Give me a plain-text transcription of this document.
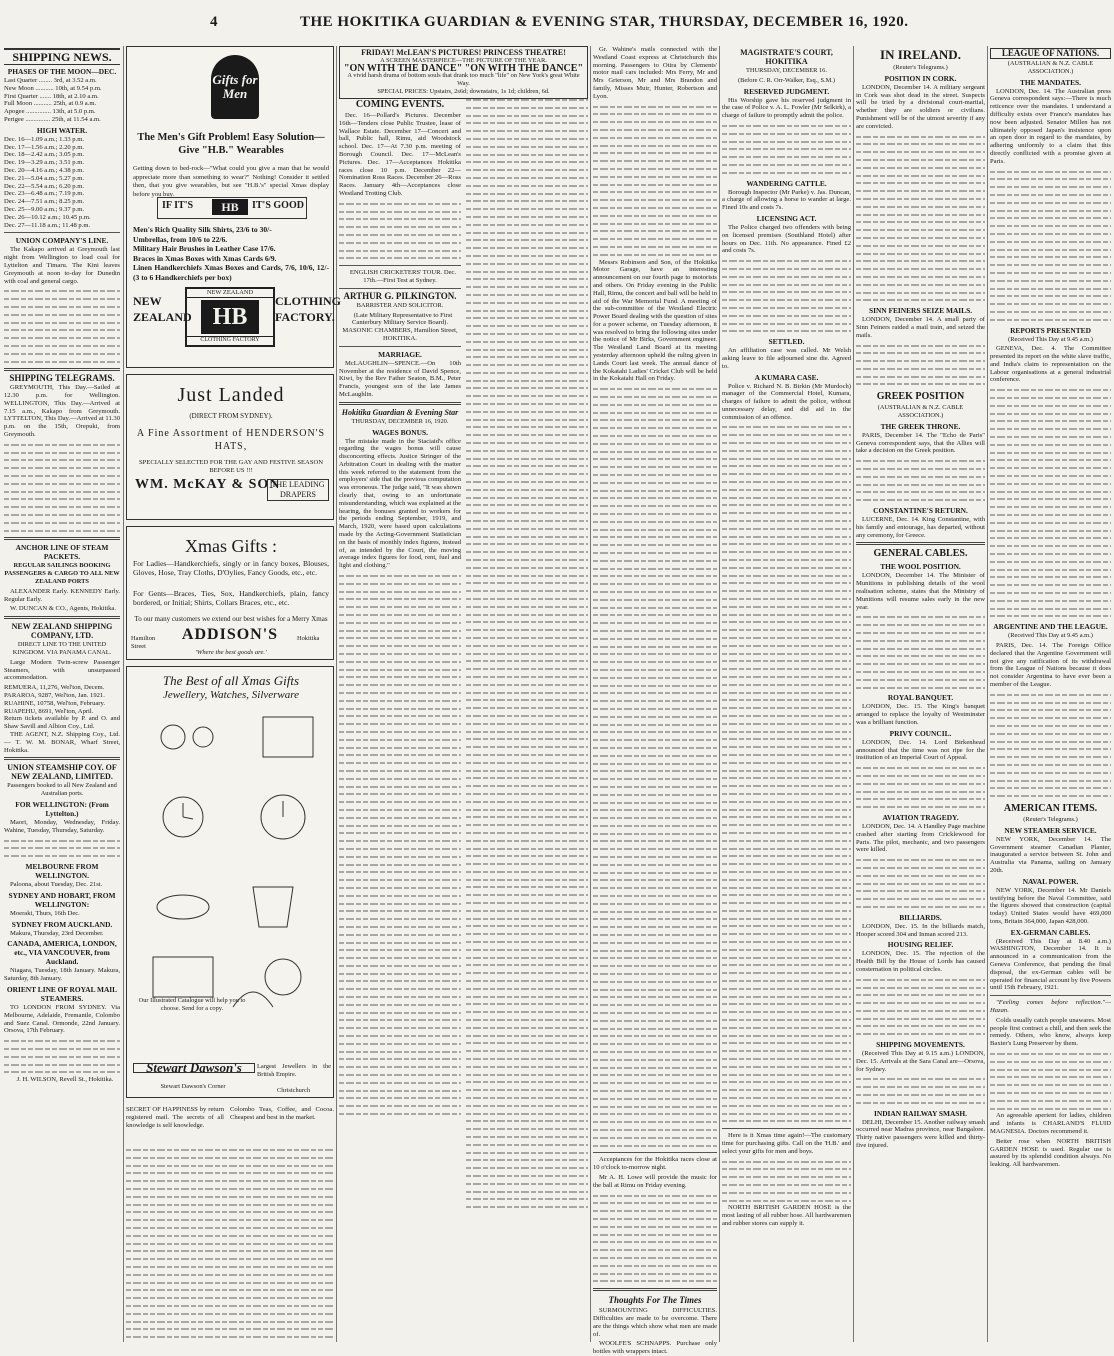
4	THE HOKITIKA GUARDIAN & EVENING STAR, THURSDAY, DECEMBER 16, 1920.
SHIPPING NEWS.
PHASES OF THE MOON—DEC.
Last Quarter ........ 3rd, at 3.52 a.m.
New Moon ........... 10th, at 9.54 p.m.
First Quarter ....... 18th, at 2.10 a.m.
Full Moon ........... 25th, at 0.9 a.m.
Apogee ............... 13th, at 5.0 p.m.
Perigee ............... 25th, at 11.54 a.m.
HIGH WATER.
Dec. 16—1.09 a.m.; 1.33 p.m.
Dec. 17—1.56 a.m.; 2.20 p.m.
Dec. 18—2.42 a.m.; 3.05 p.m.
Dec. 19—3.29 a.m.; 3.51 p.m.
Dec. 20—4.16 a.m.; 4.38 p.m.
Dec. 21—5.04 a.m.; 5.27 p.m.
Dec. 22—5.54 a.m.; 6.20 p.m.
Dec. 23—6.48 a.m.; 7.19 p.m.
Dec. 24—7.51 a.m.; 8.25 p.m.
Dec. 25—9.00 a.m.; 9.37 p.m.
Dec. 26—10.12 a.m.; 10.45 p.m.
Dec. 27—11.18 a.m.; 11.48 p.m.
UNION COMPANY'S LINE.

The Kakapo arrived at Greymouth last night from Wellington to load coal for Lyttelton and Timaru. The Kini leaves Greymouth at noon to-day for Dunedin with coal and general cargo.

SHIPPING TELEGRAMS.

GREYMOUTH, This Day.—Sailed at 12.30 p.m. for Wellington. WELLINGTON, This Day.—Arrived at 7.15 a.m., Kakapo from Greymouth. LYTTELTON, This Day.—Arrived at 11.30 p.m. on the 15th, Orepuki, from Greymouth.

ANCHOR LINE OF STEAM PACKETS.
REGULAR SAILINGS BOOKING PASSENGERS & CARGO TO ALL NEW ZEALAND PORTS

ALEXANDER Early. KENNEDY Early. Regular Early.

W. DUNCAN & CO., Agents, Hokitika.

NEW ZEALAND SHIPPING COMPANY, LTD.
DIRECT LINE TO THE UNITED KINGDOM. VIA PANAMA CANAL.

Large Modern Twin-screw Passenger Steamers, with unsurpassed accommodation.

REMUERA, 11,276, Wel'ton, Decem.
PARAROA, 9287, Wel'ton, Jan. 1921.
RUAHINE, 10758, Wel'ton, February.
RUAPEHU, 8691, Wel'ton, April.
Return tickets available by P. and O. and Shaw Savill and Albion Coy., Ltd.

THE AGENT, N.Z. Shipping Coy., Ltd. — T. W. M. BONAR, Wharf Street, Hokitika.

UNION STEAMSHIP COY. OF NEW ZEALAND, LIMITED.
Passengers booked to all New Zealand and Australian ports.
FOR WELLINGTON: (From Lyttelton.)

Maori, Monday, Wednesday, Friday. Wahine, Tuesday, Thursday, Saturday.

MELBOURNE FROM WELLINGTON.

Paloona, about Tuesday, Dec. 21st.

SYDNEY AND HOBART, FROM WELLINGTON:

Moeraki, Thurs, 16th Dec.

SYDNEY FROM AUCKLAND.

Makura, Thursday, 23rd December.

CANADA, AMERICA, LONDON, etc., VIA VANCOUVER, from Auckland.

Niagara, Tuesday, 18th January. Makura, Saturday, 8th January.

ORIENT LINE OF ROYAL MAIL STEAMERS.

TO LONDON FROM SYDNEY. Via Melbourne, Adelaide, Fremantle, Colombo and Suez Canal. Ormonde, 22nd January. Orsova, 17th February.

J. H. WILSON, Revell St., Hokitika.

Gifts for Men
The Men's Gift Problem! Easy Solution—Give "H.B." Wearables
Getting down to bed-rock—"What could you give a man that he would appreciate more than something to wear?" Nothing! Consider it settled then, that you give wearables, but see "H.B.'s" special Xmas display before you buy.
IF IT'S	HB	IT'S GOOD
Men's Rich Quality Silk Shirts, 23/6 to 30/-
Umbrellas, from 10/6 to 22/6.
Military Hair Brushes in Leather Case 17/6.
Braces in Xmas Boxes with Xmas Cards 6/9.
Linen Handkerchiefs Xmas Boxes and Cards, 7/6, 10/6, 12/- (3 to 6 Handkerchiefs per box)
NEW
ZEALAND
NEW ZEALAND
HB
CLOTHING FACTORY
CLOTHING
FACTORY.
Just Landed
(DIRECT FROM SYDNEY).
A Fine Assortment of HENDERSON'S HATS,
SPECIALLY SELECTED FOR THE GAY AND FESTIVE SEASON BEFORE US !!!
WM. McKAY & SON
THE LEADING DRAPERS
Xmas Gifts :
For Ladies—Handkerchiefs, singly or in fancy boxes, Blouses, Gloves, Hose, Tray Cloths, D'Oylies, Fancy Goods, etc., etc.
For Gents—Braces, Ties, Sox, Handkerchiefs, plain, fancy bordered, or Initial; Shirts, Collars Braces, etc., etc.
To our many customers we extend our best wishes for a Merry Xmas
Hamilton Street
ADDISON'S	Hokitika
'Where the best goods are.'
The Best of all Xmas Gifts
Jewellery, Watches, Silverware
Our Illustrated Catalogue will help you to choose. Send for a copy.
Stewart Dawson's
Stewart Dawson's Corner
Largest Jewellers in the British Empire.
Christchurch
SECRET OF HAPPINESS by return registered mail. The secrets of all knowledge is self knowledge.
Colombo Teas, Coffee, and Cocoa. Cheapest and best in the market.
FRIDAY! McLEAN'S PICTURES! PRINCESS THEATRE!
A SCREEN MASTERPIECE—THE PICTURE OF THE YEAR.
"ON WITH THE DANCE" "ON WITH THE DANCE"
A vivid harsh drama of bottom souls that drank too much "life" on New York's great White Way.
SPECIAL PRICES: Upstairs, 2s6d; downstairs, 1s 1d; children, 6d.
COMING EVENTS.

Dec. 16—Pollard's Pictures. December 16th—Tenders close Public Trustee, lease of Wallace Estate. December 17—Concert and ball, Public hall, Rimu, aid Woodstock school. Dec. 17—At 7.30 p.m. meeting of Borough Council. Dec. 17—McLean's Pictures. Dec. 17—Acceptances Hokitika races close 10 p.m. December 22—Nomination Ross Races. December 26—Ross Races. January 4th—Acceptances close Westland Trotting Club.

ENGLISH CRICKETERS' TOUR. Dec. 17th.—First Test at Sydney.

ARTHUR G. PILKINGTON.
BARRISTER AND SOLICITOR.

(Late Military Representative to First Canterbury Military Service Board). MASONIC CHAMBERS, Hamilton Street, HOKITIKA.

MARRIAGE.

McLAUGHLIN—SPENCE.—On 10th November at the residence of David Spence, Kiwi, by the Rev Father Seaton, B.M., Peter Francis, youngest son of the late James McLaughlin.

Hokitika Guardian & Evening Star
THURSDAY, DECEMBER 16, 1920.
WAGES BONUS.

The mistake made in the Staciaid's office regarding the wages bonus will cause disconcerting effects. Justice Stringer of the Arbitration Court in dealing with the matter this week referred to the statement from the employers' side that the previous computation was erroneous. The judge said, "It was shown clearly that, owing to an unfortunate misunderstanding, which was explained at the hearing, the bonuses granted to workers for the periods ending September, 1919, and March, 1920, were based upon calculations made by the Acting-Government Statistician on the basis of monthly index figures, instead of, as intended by the Court, the moving average index figures for food, rent, fuel and light and clothing."

Gr. Wahine's mails connected with the Westland Coast express at Christchurch this morning. Passengers to Otira by Clements' motor mail cars included: Mrs Ferry, Mr and Mrs Grierson, Mr and Mrs Brandon and family, Misses Muir, Hunter, Robertson and Lyon.

Messrs Robinson and Son, of the Hokitika Motor Garage, have an interesting announcement on our fourth page to motorists and others. On Friday evening in the Public Hall, Rimu, the concert and ball will be held in aid of the War Memorial Fund. A meeting of the sub-committee of the Westland Electric Power Board dealing with the question of sites for a power scheme, on Tuesday afternoon, it was resolved to bring the following sites under the notice of Mr Birks, Government engineer. The Westland Land Board at its meeting yesterday afternoon upheld the ruling given in Lands Court last week. The annual dance of the Kokatahi Ladies' Cricket Club will be held in the Kokatahi Hall on Friday.

Acceptances for the Hokitika races close at 10 o'clock to-morrow night.

Mr A. H. Lowe will provide the music for the ball at Rimu on Friday evening.

Thoughts For The Times

SURMOUNTING DIFFICULTIES. Difficulties are made to be overcome. There are the things which show what men are made of.

WOOLFE'S SCHNAPPS. Purchase only bottles with wrappers intact.

MAGISTRATE'S COURT, HOKITIKA
THURSDAY, DECEMBER 16.
(Before C. R. Orr-Walker, Esq., S.M.)
RESERVED JUDGMENT.

His Worship gave his reserved judgment in the case of Police v. A. L. Fowler (Mr Selkirk), a charge of failure to promptly admit the police.

WANDERING CATTLE.

Borough Inspector (Mr Parke) v. Jas. Duncan, a charge of allowing a horse to wander at large. Fined 10s and costs 7s.

LICENSING ACT.

The Police charged two offenders with being on licensed premises (Southland Hotel) after hours on Dec. 11th. No appearance. Fined £2 and costs 7s.

SETTLED.

An affiliation case was called. Mr Welsh asking leave to file adjourned sine die. Agreed to.

A KUMARA CASE.

Police v. Richard N. B. Birkin (Mr Murdoch) manager of the Commercial Hotel, Kumara, charges of failure to admit the police, without unnecessary delay, and did aid in the commission of an offence.

Here is it Xmas time again!—The customary time for purchasing gifts. Call on the 'H.B.' and select your gifts for men and boys.

NORTH BRITISH GARDEN HOSE is the most lasting of all rubber hose. All hardwaremen and rubber stores can supply it.

IN IRELAND.
(Reuter's Telegrams.)
POSITION IN CORK.

LONDON, December 14. A military sergeant in Cork was shot dead in the street. Suspects will be tried by a divisional court-martial, whether they are soldiers or civilians. Punishment will be of the utmost severity if any are convicted.

SINN FEINERS SEIZE MAILS.

LONDON, December 14. A small party of Sinn Feiners raided a mail train, and seized the mails.

GREEK POSITION
(AUSTRALIAN & N.Z. CABLE ASSOCIATION.)
THE GREEK THRONE.

PARIS, December 14. The "Echo de Paris" Geneva correspondent says, that the Allies will take a decision on the Greek position.

CONSTANTINE'S RETURN.

LUCERNE, Dec. 14. King Constantine, with his family and entourage, has departed, without any ceremony, for Greece.

GENERAL CABLES.
THE WOOL POSITION.

LONDON, December 14. The Minister of Munitions in publishing details of the wool realisation scheme, states that the Ministry of Munitions will resume sales early in the new year.

ROYAL BANQUET.

LONDON, Dec. 15. The King's banquet arranged to replace the loyalty of Westminster was a brilliant function.

PRIVY COUNCIL.

LONDON, Dec. 14. Lord Birkenhead announced that the time was not ripe for the institution of an Imperial Court of Appeal.

AVIATION TRAGEDY.

LONDON, Dec. 14. A Handley Page machine crashed after starting from Cricklewood for Paris. The pilot, mechanic, and two passengers were killed.

BILLIARDS.

LONDON, Dec. 15. In the billiards match, Hooper scored 304 and Inman scored 213.

HOUSING RELIEF.

LONDON, Dec. 15. The rejection of the Health Bill by the House of Lords has caused consternation in political circles.

SHIPPING MOVEMENTS.

(Received This Day at 9.15 a.m.) LONDON, Dec. 15. Arrivals at the Sara Canal are—Orsova, for Sydney.

INDIAN RAILWAY SMASH.

DELHI, December 15. Another railway smash occurred near Madras province, near Bangalore. Thirty native passengers were killed and thirty-five injured.

LEAGUE OF NATIONS.
(AUSTRALIAN & N.Z. CABLE ASSOCIATION.)
THE MANDATES.

LONDON, Dec. 14. The Australian press Geneva correspondent says:—There is much reticence over the mandates. I understand a difficulty exists over France's mandates has now been adjusted. Senator Millen has not ultimately opposed Japan's insistence upon an open door in regard to the mandates, by adhering uniformly to a claim that this directly conflicted with a promise given at Paris.

REPORTS PRESENTED
(Received This Day at 9.45 a.m.)

GENEVA, Dec. 4. The Committee presented its report on the white slave traffic, and India's claim to representation on the Labour organisations at a general industrial conference.

ARGENTINE AND THE LEAGUE.
(Received This Day at 9.45 a.m.)

PARIS, Dec. 14. The Foreign Office declared that the Argentine Government will not give any ratification of its withdrawal from the League of Nations because it does not consider Argentina to have ever been a member of the League.

AMERICAN ITEMS.
(Reuter's Telegrams.)
NEW STEAMER SERVICE.

NEW YORK, December 14. The Government steamer Canadian Planter, inaugurated a service between St. John and Australia via Panama, sailing on January 20th.

NAVAL POWER.

NEW YORK, December 14. Mr Daniels testifying before the Naval Committee, said the figures showed that construction (capital today) United States would have 469,000 tons, Britain 364,000, Japan 428,000.

EX-GERMAN CABLES.

(Received This Day at 8.40 a.m.) WASHINGTON, December 14. It is announced in a communication from the Geneva Conference, that pending the final disposal, the ex-German cables will be operated for financial account by five Powers until 15th February, 1921.

"Feeling comes before reflection."—Hazan.

Colds usually catch people unawares. Most people first contract a chill, and then seek the remedy. Others, who know, always keep Baxter's Lung Preserver by them.

An agreeable aperient for ladies, children and infants is CHARLAND'S FLUID MAGNESIA. Doctors recommend it.

Better rose when NORTH BRITISH GARDEN HOSE is used. Regular use is assured by its splendid condition always. No leaking. All hardwaremen.
